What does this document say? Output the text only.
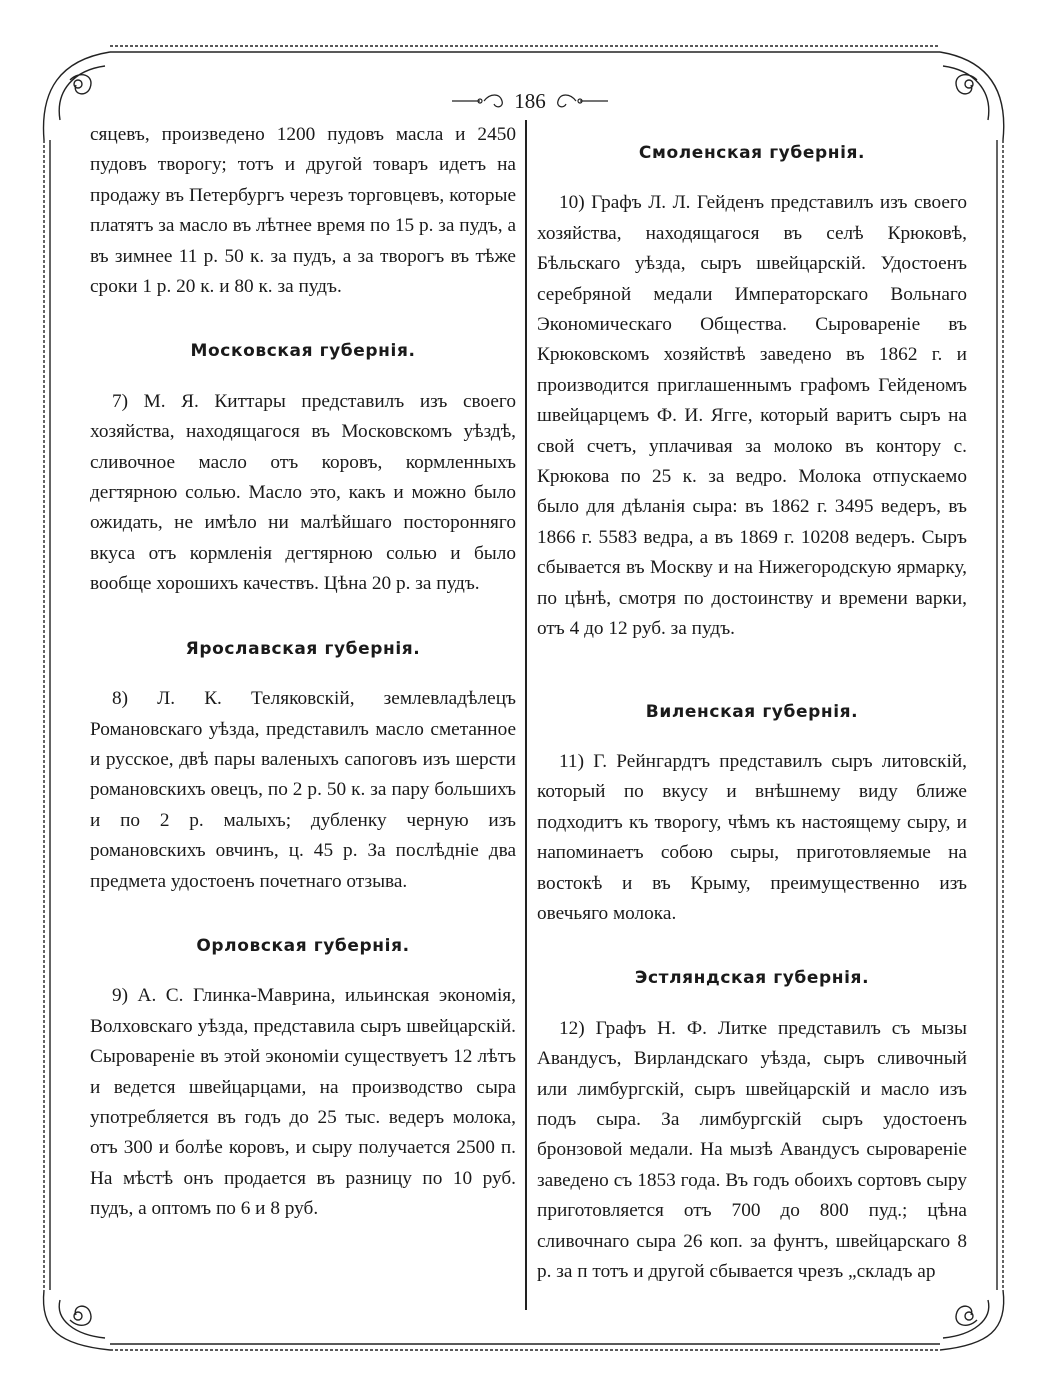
186

сяцевъ, произведено 1200 пудовъ масла и 2450 пудовъ творогу; тотъ и другой товаръ идетъ на продажу въ Петербургъ черезъ торговцевъ, которые платятъ за масло въ лѣтнее время по 15 р. за пудъ, а въ зимнее 11 р. 50 к. за пудъ, а за творогъ въ тѣже сроки 1 р. 20 к. и 80 к. за пудъ.

Московская губернія.

7) М. Я. Киттары представилъ изъ своего хозяйства, находящагося въ Московскомъ уѣздѣ, сливочное масло отъ коровъ, кормленныхъ дегтярною солью. Масло это, какъ и можно было ожидать, не имѣло ни малѣйшаго посторонняго вкуса отъ кормленія дегтярною солью и было вообще хорошихъ качествъ. Цѣна 20 р. за пудъ.

Ярославская губернія.

8) Л. К. Теляковскій, землевладѣлецъ Романовскаго уѣзда, представилъ масло сметанное и русское, двѣ пары валеныхъ сапоговъ изъ шерсти романовскихъ овецъ, по 2 р. 50 к. за пару большихъ и по 2 р. малыхъ; дубленку черную изъ романовскихъ овчинъ, ц. 45 р. За послѣдніе два предмета удостоенъ почетнаго отзыва.

Орловская губернія.

9) А. С. Глинка-Маврина, ильинская экономія, Волховскаго уѣзда, представила сыръ швейцарскій. Сыровареніе въ этой экономіи существуетъ 12 лѣтъ и ведется швейцарцами, на производство сыра употребляется въ годъ до 25 тыс. ведеръ молока, отъ 300 и болѣе коровъ, и сыру получается 2500 п. На мѣстѣ онъ продается въ разницу по 10 руб. пудъ, а оптомъ по 6 и 8 руб.

Смоленская губернія.

10) Графъ Л. Л. Гейденъ представилъ изъ своего хозяйства, находящагося въ селѣ Крюковѣ, Бѣльскаго уѣзда, сыръ швейцарскій. Удостоенъ серебряной медали Императорскаго Вольнаго Экономическаго Общества. Сыровареніе въ Крюковскомъ хозяйствѣ заведено въ 1862 г. и производится приглашеннымъ графомъ Гейденомъ швейцарцемъ Ф. И. Ягге, который варитъ сыръ на свой счетъ, уплачивая за молоко въ контору с. Крюкова по 25 к. за ведро. Молока отпускаемо было для дѣланія сыра: въ 1862 г. 3495 ведеръ, въ 1866 г. 5583 ведра, а въ 1869 г. 10208 ведеръ. Сыръ сбывается въ Москву и на Нижегородскую ярмарку, по цѣнѣ, смотря по достоинству и времени варки, отъ 4 до 12 руб. за пудъ.

Виленская губернія.

11) Г. Рейнгардтъ представилъ сыръ литовскій, который по вкусу и внѣшнему виду ближе подходитъ къ творогу, чѣмъ къ настоящему сыру, и напоминаетъ собою сыры, приготовляемые на востокѣ и въ Крыму, преимущественно изъ овечьяго молока.

Эстляндская губернія.

12) Графъ Н. Ф. Литке представилъ съ мызы Авандусъ, Вирландскаго уѣзда, сыръ сливочный или лимбургскій, сыръ швейцарскій и масло изъ подъ сыра. За лимбургскій сыръ удостоенъ бронзовой медали. На мызѣ Авандусъ сыровареніе заведено съ 1853 года. Въ годъ обоихъ сортовъ сыру приготовляется отъ 700 до 800 пуд.; цѣна сливочнаго сыра 26 коп. за фунтъ, швейцарскаго 8 р. за п тотъ и другой сбывается чрезъ „складъ ар
